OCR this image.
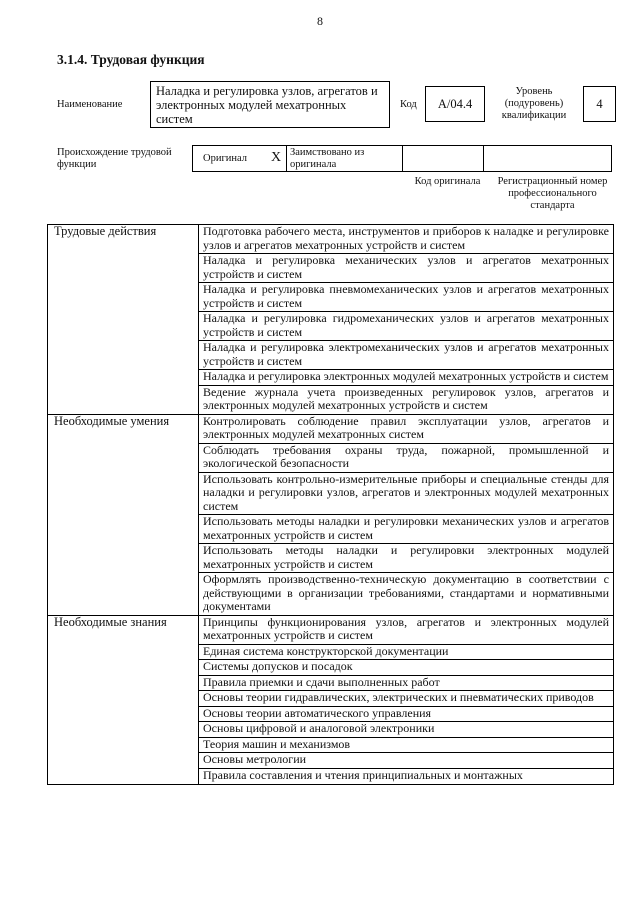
8
3.1.4. Трудовая функция
Наименование
Наладка и регулировка узлов, агрегатов и электронных модулей мехатронных систем
Код	A/04.4
Уровень (подуровень) квалификации
4
Происхождение трудовой функции
Оригинал X Заимствовано из оригинала
Код оригинала	Регистрационный номер профессионального стандарта
Трудовые действия	Подготовка рабочего места, инструментов и приборов к наладке и регулировке узлов и агрегатов мехатронных устройств и систем
	Наладка и регулировка механических узлов и агрегатов мехатронных устройств и систем
	Наладка и регулировка пневмомеханических узлов и агрегатов мехатронных устройств и систем
	Наладка и регулировка гидромеханических узлов и агрегатов мехатронных устройств и систем
	Наладка и регулировка электромеханических узлов и агрегатов мехатронных устройств и систем
	Наладка и регулировка электронных модулей мехатронных устройств и систем
	Ведение журнала учета произведенных регулировок узлов, агрегатов и электронных модулей мехатронных устройств и систем
Необходимые умения	Контролировать соблюдение правил эксплуатации узлов, агрегатов и электронных модулей мехатронных систем
	Соблюдать требования охраны труда, пожарной, промышленной и экологической безопасности
	Использовать контрольно-измерительные приборы и специальные стенды для наладки и регулировки узлов, агрегатов и электронных модулей мехатронных систем
	Использовать методы наладки и регулировки механических узлов и агрегатов мехатронных устройств и систем
	Использовать методы наладки и регулировки электронных модулей мехатронных устройств и систем
	Оформлять производственно-техническую документацию в соответствии с действующими в организации требованиями, стандартами и нормативными документами
Необходимые знания	Принципы функционирования узлов, агрегатов и электронных модулей мехатронных устройств и систем
	Единая система конструкторской документации
	Системы допусков и посадок
	Правила приемки и сдачи выполненных работ
	Основы теории гидравлических, электрических и пневматических приводов
	Основы теории автоматического управления
	Основы цифровой и аналоговой электроники
	Теория машин и механизмов
	Основы метрологии
	Правила составления и чтения принципиальных и монтажных
